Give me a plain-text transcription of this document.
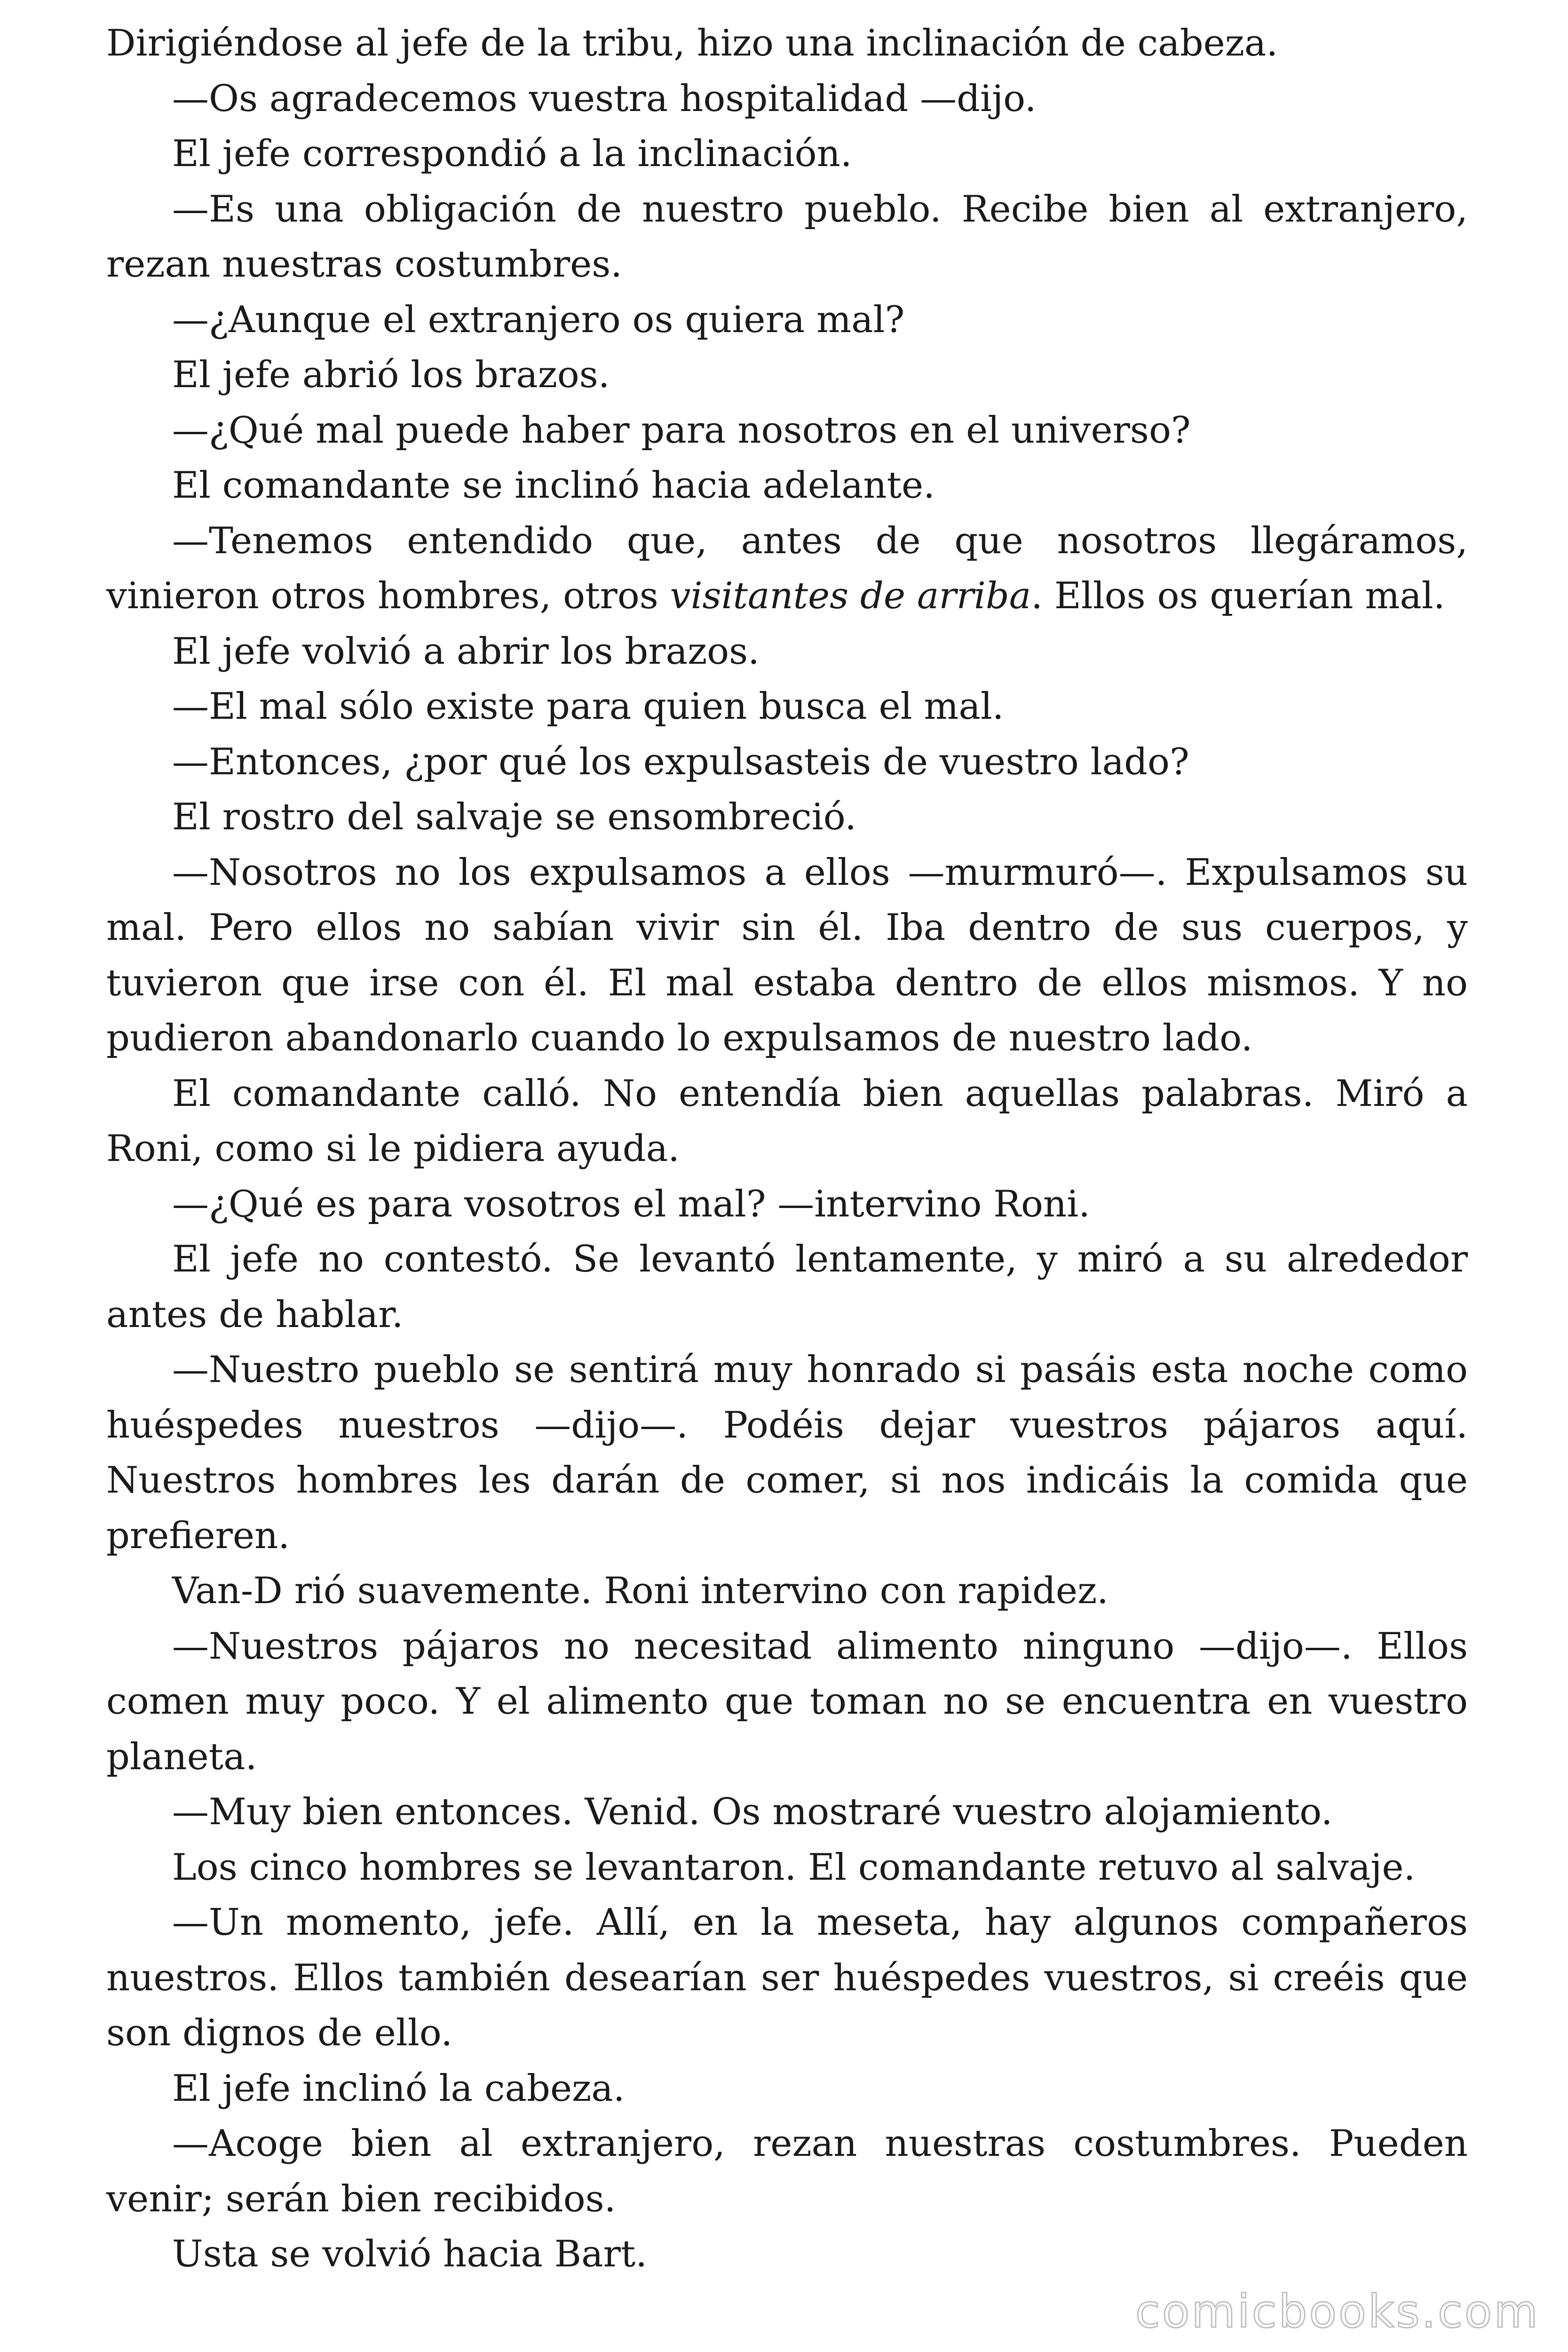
Dirigiéndose al jefe de la tribu, hizo una inclinación de cabeza.

—Os agradecemos vuestra hospitalidad —dijo.

El jefe correspondió a la inclinación.

—Es una obligación de nuestro pueblo. Recibe bien al extranjero, rezan nuestras costumbres.

—¿Aunque el extranjero os quiera mal?

El jefe abrió los brazos.

—¿Qué mal puede haber para nosotros en el universo?

El comandante se inclinó hacia adelante.

—Tenemos entendido que, antes de que nosotros llegáramos, vinieron otros hombres, otros visitantes de arriba. Ellos os querían mal.

El jefe volvió a abrir los brazos.

—El mal sólo existe para quien busca el mal.

—Entonces, ¿por qué los expulsasteis de vuestro lado?

El rostro del salvaje se ensombreció.

—Nosotros no los expulsamos a ellos —murmuró—. Expulsamos su mal. Pero ellos no sabían vivir sin él. Iba dentro de sus cuerpos, y tuvieron que irse con él. El mal estaba dentro de ellos mismos. Y no pudieron abandonarlo cuando lo expulsamos de nuestro lado.

El comandante calló. No entendía bien aquellas palabras. Miró a Roni, como si le pidiera ayuda.

—¿Qué es para vosotros el mal? —intervino Roni.

El jefe no contestó. Se levantó lentamente, y miró a su alrededor antes de hablar.

—Nuestro pueblo se sentirá muy honrado si pasáis esta noche como huéspedes nuestros —dijo—. Podéis dejar vuestros pájaros aquí. Nuestros hombres les darán de comer, si nos indicáis la comida que prefieren.

Van-D rió suavemente. Roni intervino con rapidez.

—Nuestros pájaros no necesitad alimento ninguno —dijo—. Ellos comen muy poco. Y el alimento que toman no se encuentra en vuestro planeta.

—Muy bien entonces. Venid. Os mostraré vuestro alojamiento.

Los cinco hombres se levantaron. El comandante retuvo al salvaje.

—Un momento, jefe. Allí, en la meseta, hay algunos compañeros nuestros. Ellos también desearían ser huéspedes vuestros, si creéis que son dignos de ello.

El jefe inclinó la cabeza.

—Acoge bien al extranjero, rezan nuestras costumbres. Pueden venir; serán bien recibidos.

Usta se volvió hacia Bart.

comicbooks.com
